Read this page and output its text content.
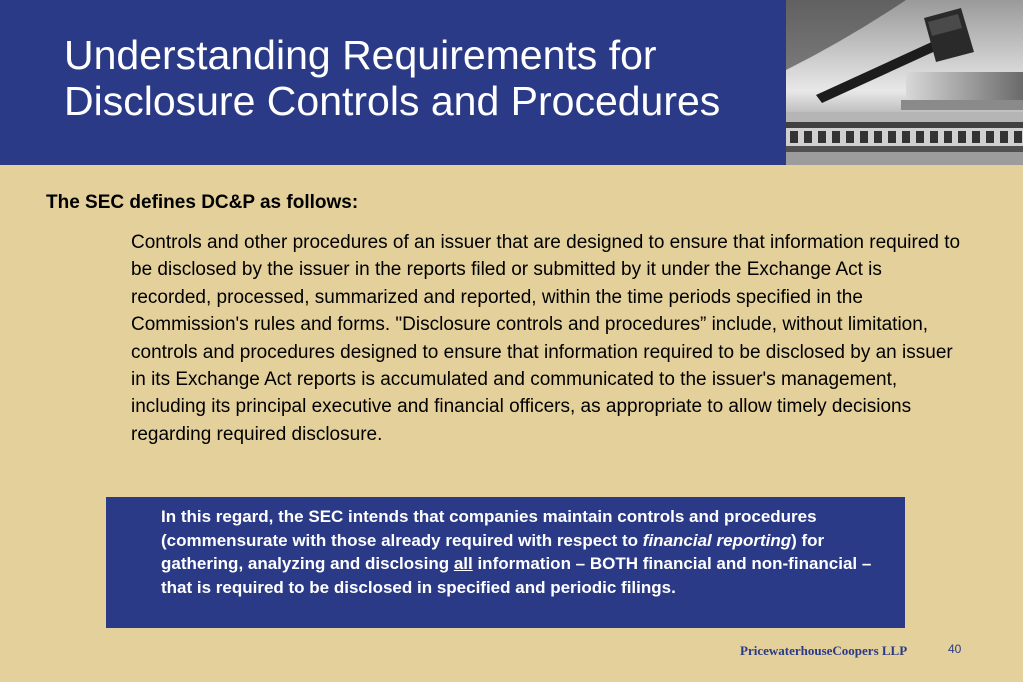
Understanding Requirements for
Disclosure Controls and Procedures

The SEC defines DC&P as follows:

Controls and other procedures of an issuer that are designed to ensure that information required to be disclosed by the issuer in the reports filed or submitted by it under the Exchange Act is recorded, processed, summarized and reported, within the time periods specified in the Commission's rules and forms. "Disclosure controls and procedures” include, without limitation, controls and procedures designed to ensure that information required to be disclosed by an issuer in its Exchange Act reports is accumulated and communicated to the issuer's management, including its principal executive and financial officers, as appropriate to allow timely decisions regarding required disclosure.

In this regard, the SEC intends that companies maintain controls and procedures (commensurate with those already required with respect to financial reporting) for gathering, analyzing and disclosing all information – BOTH financial and non-financial – that is required to be disclosed in specified and periodic filings.

PricewaterhouseCoopers LLP	40
